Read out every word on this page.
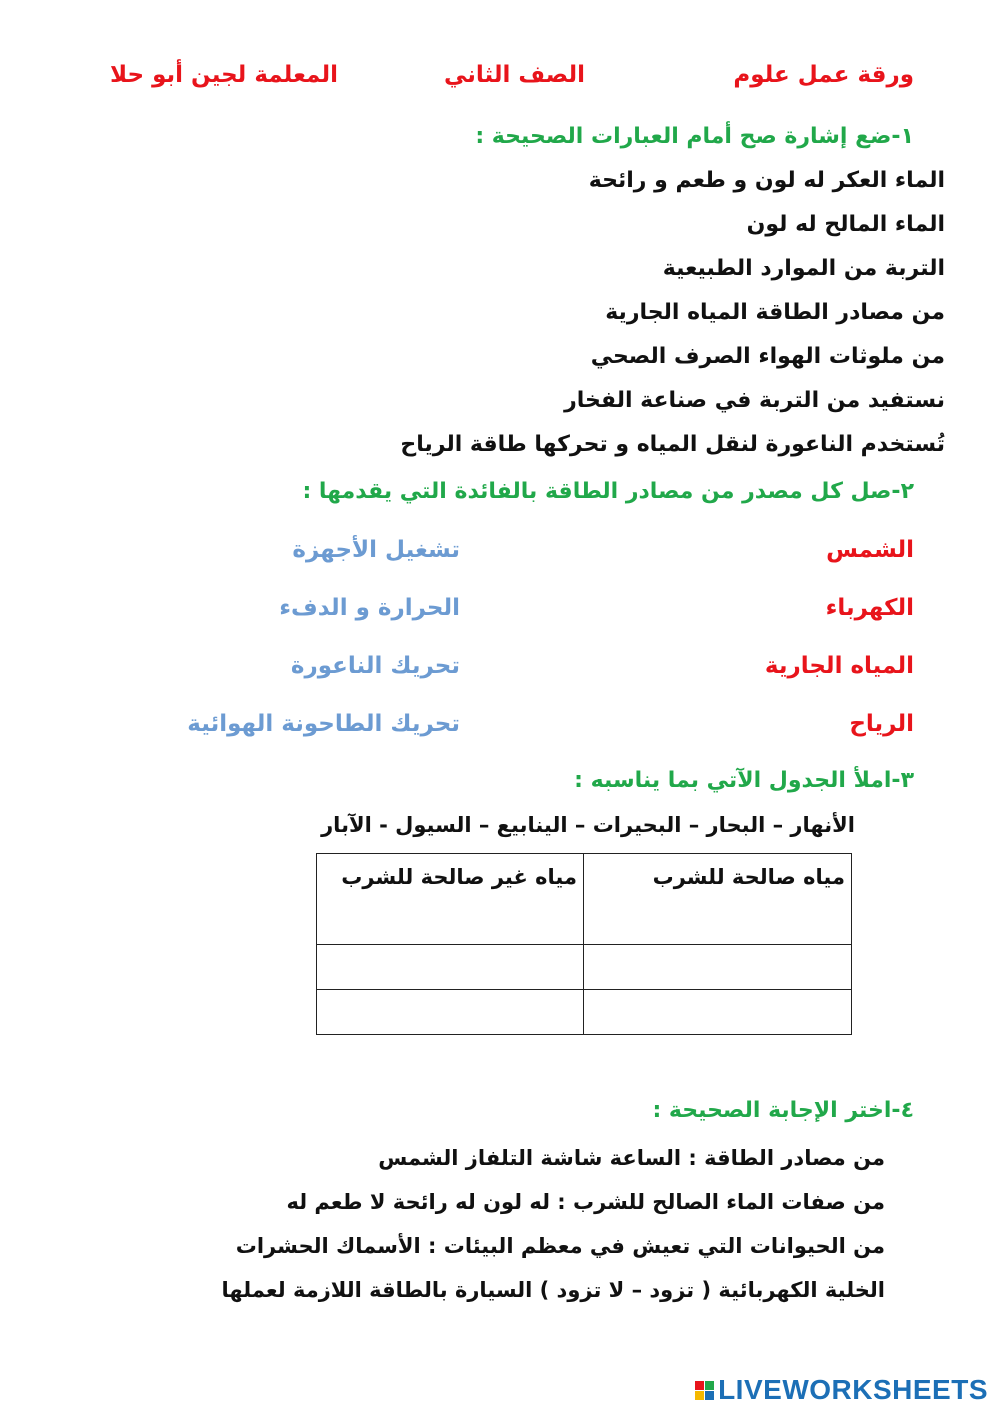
ورقة عمل علوم
الصف الثاني
المعلمة لجين أبو حلا
١-ضع إشارة صح أمام العبارات الصحيحة :
الماء العكر له لون و طعم و رائحة
الماء المالح له لون
التربة من الموارد الطبيعية
من مصادر الطاقة المياه الجارية
من ملوثات الهواء الصرف الصحي
نستفيد من التربة في صناعة الفخار
تُستخدم الناعورة لنقل المياه و تحركها طاقة الرياح
٢-صل كل مصدر من مصادر الطاقة بالفائدة التي يقدمها :
الشمس
الكهرباء
المياه الجارية
الرياح
تشغيل الأجهزة
الحرارة و الدفء
تحريك الناعورة
تحريك الطاحونة الهوائية
٣-املأ الجدول الآتي بما يناسبه :
الأنهار – البحار – البحيرات – الينابيع – السيول - الآبار
مياه صالحة للشرب	مياه غير صالحة للشرب

٤-اختر الإجابة الصحيحة :
من مصادر الطاقة : الساعة شاشة التلفاز الشمس
من صفات الماء الصالح للشرب : له لون له رائحة لا طعم له
من الحيوانات التي تعيش في معظم البيئات : الأسماك الحشرات
الخلية الكهربائية ( تزود – لا تزود ) السيارة بالطاقة اللازمة لعملها
LIVEWORKSHEETS
